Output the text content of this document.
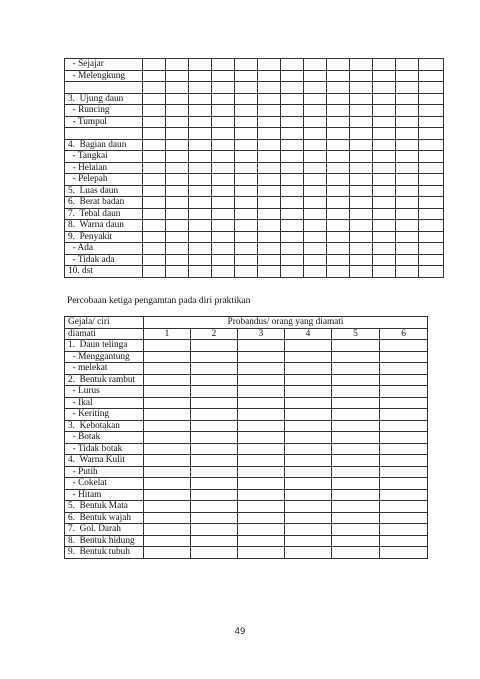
- Sejajar													
- Melengkung													

3.  Ujung daun													
- Runcing													
- Tumpul													

4.  Bagian daun													
- Tangkai													
- Helaian													
- Pelepah													
5.  Luas daun													
6.  Berat badan													
7.  Tebal daun													
8.  Warna daun													
9.  Penyakit													
- Ada													
- Tidak ada													
10. dst													
Percobaan ketiga pengamtan pada diri praktikan
Gejala/ ciri	Probandus/ orang yang diamati					
diamati	1	2	3	4	5	6
1.  Daun telinga						
- Menggantung						
- melekat						
2.  Bentuk rambut						
- Lurus						
- Ikal						
- Keriting						
3.  Kebotakan						
- Botak						
- Tidak botak						
4.  Warna Kulit						
- Putih						
- Cokelat						
- Hitam						
5.  Bentuk Mata						
6.  Bentuk wajah						
7.  Gol. Darah						
8.  Bentuk hidung						
9.  Bentuk tubuh						
49
